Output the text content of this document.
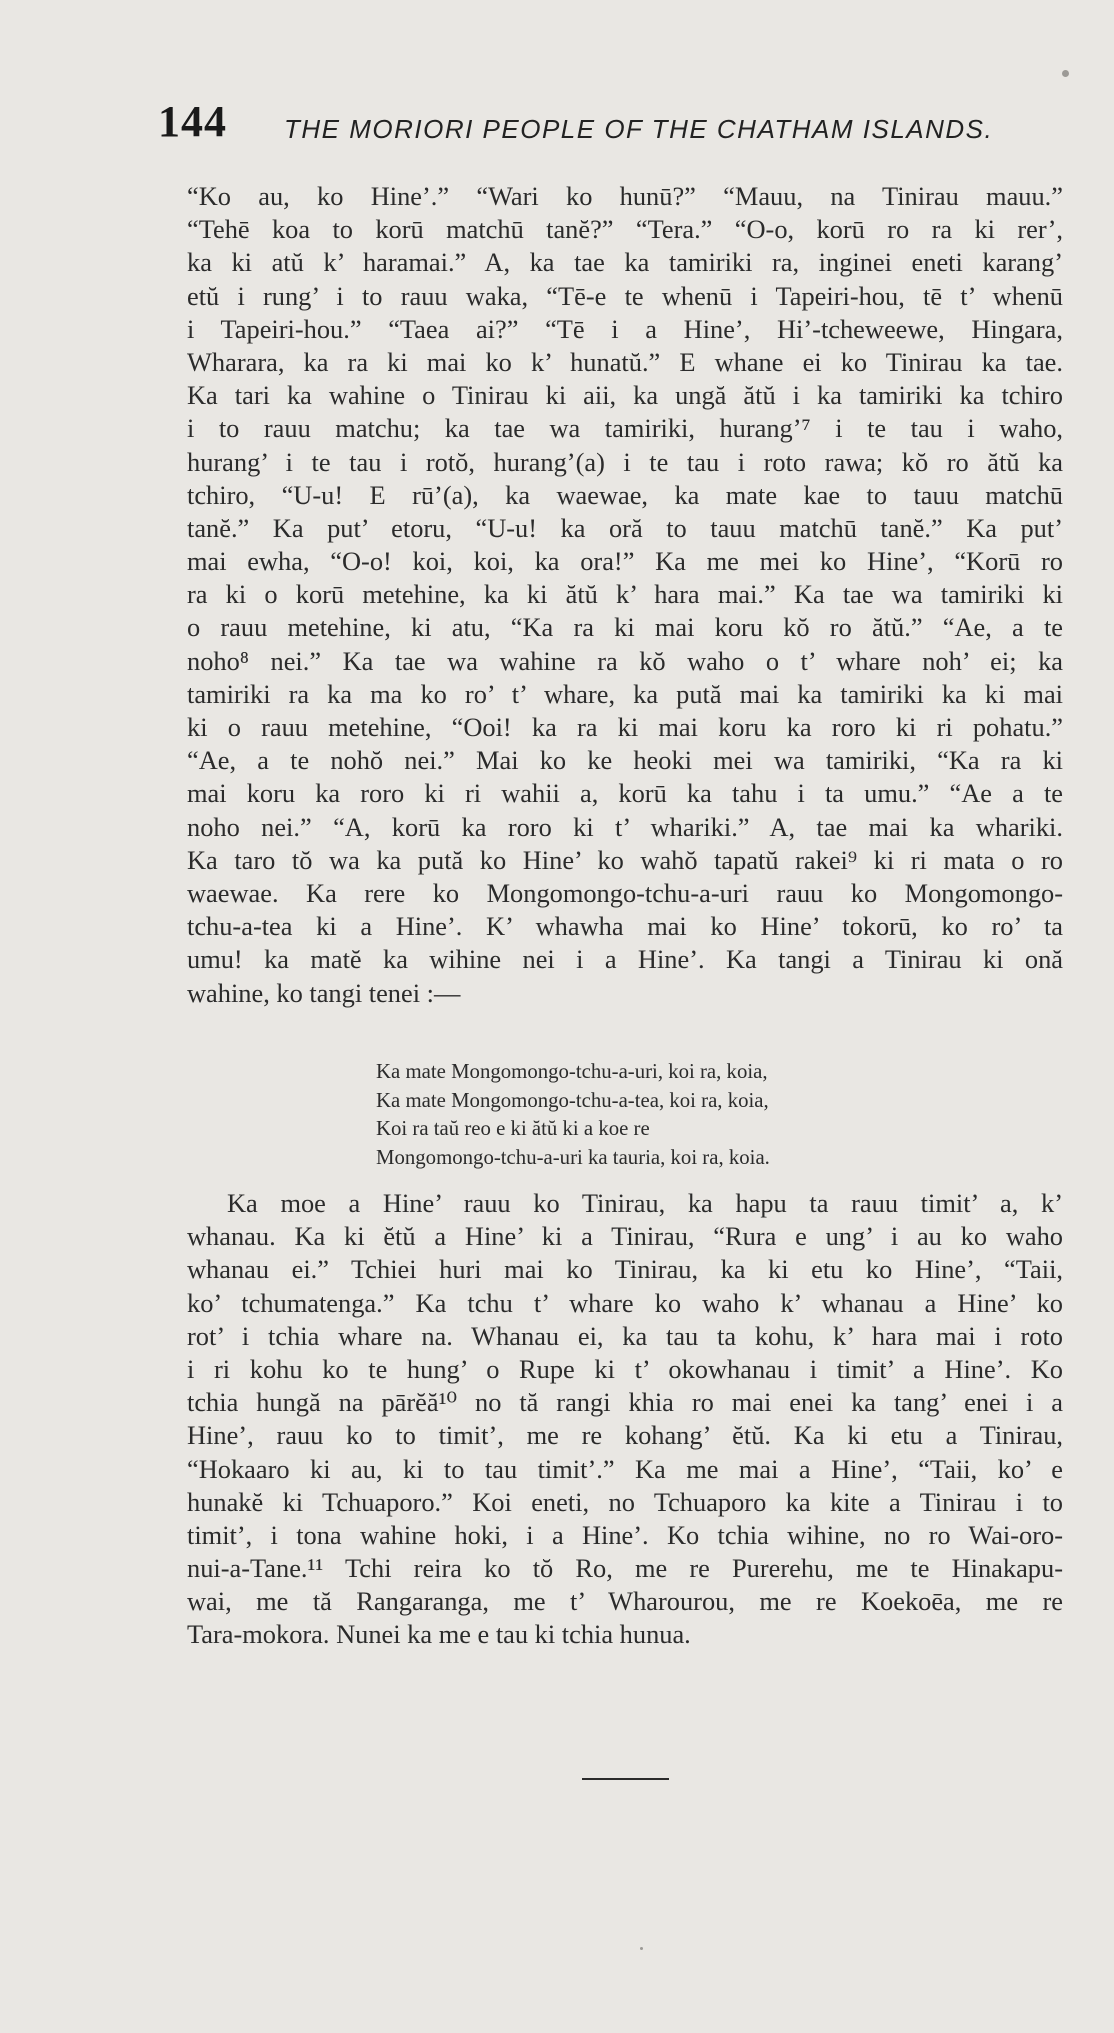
144 THE MORIORI PEOPLE OF THE CHATHAM ISLANDS.
“Ko au, ko Hine’.” “Wari ko hunū?” “Mauu, na Tinirau mauu.”
“Tehē koa to korū matchū tanĕ?” “Tera.” “O-o, korū ro ra ki rer’,
ka ki atŭ k’ haramai.” A, ka tae ka tamiriki ra, inginei eneti karang’
etŭ i rung’ i to rauu waka, “Tē-e te whenū i Tapeiri-hou, tē t’ whenū
i Tapeiri-hou.” “Taea ai?” “Tē i a Hine’, Hi’-tcheweewe, Hingara,
Wharara, ka ra ki mai ko k’ hunatŭ.” E whane ei ko Tinirau ka tae.
Ka tari ka wahine o Tinirau ki aii, ka ungă ătŭ i ka tamiriki ka tchiro
i to rauu matchu; ka tae wa tamiriki, hurang’⁷ i te tau i waho,
hurang’ i te tau i rotŏ, hurang’(a) i te tau i roto rawa; kŏ ro ătŭ ka
tchiro, “U-u! E rū’(a), ka waewae, ka mate kae to tauu matchū
tanĕ.” Ka put’ etoru, “U-u! ka oră to tauu matchū tanĕ.” Ka put’
mai ewha, “O-o! koi, koi, ka ora!” Ka me mei ko Hine’, “Korū ro
ra ki o korū metehine, ka ki ătŭ k’ hara mai.” Ka tae wa tamiriki ki
o rauu metehine, ki atu, “Ka ra ki mai koru kŏ ro ătŭ.” “Ae, a te
noho⁸ nei.” Ka tae wa wahine ra kŏ waho o t’ whare noh’ ei; ka
tamiriki ra ka ma ko ro’ t’ whare, ka pută mai ka tamiriki ka ki mai
ki o rauu metehine, “Ooi! ka ra ki mai koru ka roro ki ri pohatu.”
“Ae, a te nohŏ nei.” Mai ko ke heoki mei wa tamiriki, “Ka ra ki
mai koru ka roro ki ri wahii a, korū ka tahu i ta umu.” “Ae a te
noho nei.” “A, korū ka roro ki t’ whariki.” A, tae mai ka whariki.
Ka taro tŏ wa ka pută ko Hine’ ko wahŏ tapatŭ rakei⁹ ki ri mata o ro
waewae. Ka rere ko Mongomongo-tchu-a-uri rauu ko Mongomongo-
tchu-a-tea ki a Hine’. K’ whawha mai ko Hine’ tokorū, ko ro’ ta
umu! ka matĕ ka wihine nei i a Hine’. Ka tangi a Tinirau ki onă
wahine, ko tangi tenei :—
Ka mate Mongomongo-tchu-a-uri, koi ra, koia,
Ka mate Mongomongo-tchu-a-tea, koi ra, koia,
Koi ra taŭ reo e ki ătŭ ki a koe re
Mongomongo-tchu-a-uri ka tauria, koi ra, koia.
Ka moe a Hine’ rauu ko Tinirau, ka hapu ta rauu timit’ a, k’
whanau. Ka ki ĕtŭ a Hine’ ki a Tinirau, “Rura e ung’ i au ko waho
whanau ei.” Tchiei huri mai ko Tinirau, ka ki etu ko Hine’, “Taii,
ko’ tchumatenga.” Ka tchu t’ whare ko waho k’ whanau a Hine’ ko
rot’ i tchia whare na. Whanau ei, ka tau ta kohu, k’ hara mai i roto
i ri kohu ko te hung’ o Rupe ki t’ okowhanau i timit’ a Hine’. Ko
tchia hungă na pārĕă¹⁰ no tă rangi khia ro mai enei ka tang’ enei i a
Hine’, rauu ko to timit’, me re kohang’ ĕtŭ. Ka ki etu a Tinirau,
“Hokaaro ki au, ki to tau timit’.” Ka me mai a Hine’, “Taii, ko’ e
hunakĕ ki Tchuaporo.” Koi eneti, no Tchuaporo ka kite a Tinirau i to
timit’, i tona wahine hoki, i a Hine’. Ko tchia wihine, no ro Wai-oro-
nui-a-Tane.¹¹ Tchi reira ko tŏ Ro, me re Purerehu, me te Hinakapu-
wai, me tă Rangaranga, me t’ Wharourou, me re Koekoēa, me re
Tara-mokora. Nunei ka me e tau ki tchia hunua.
